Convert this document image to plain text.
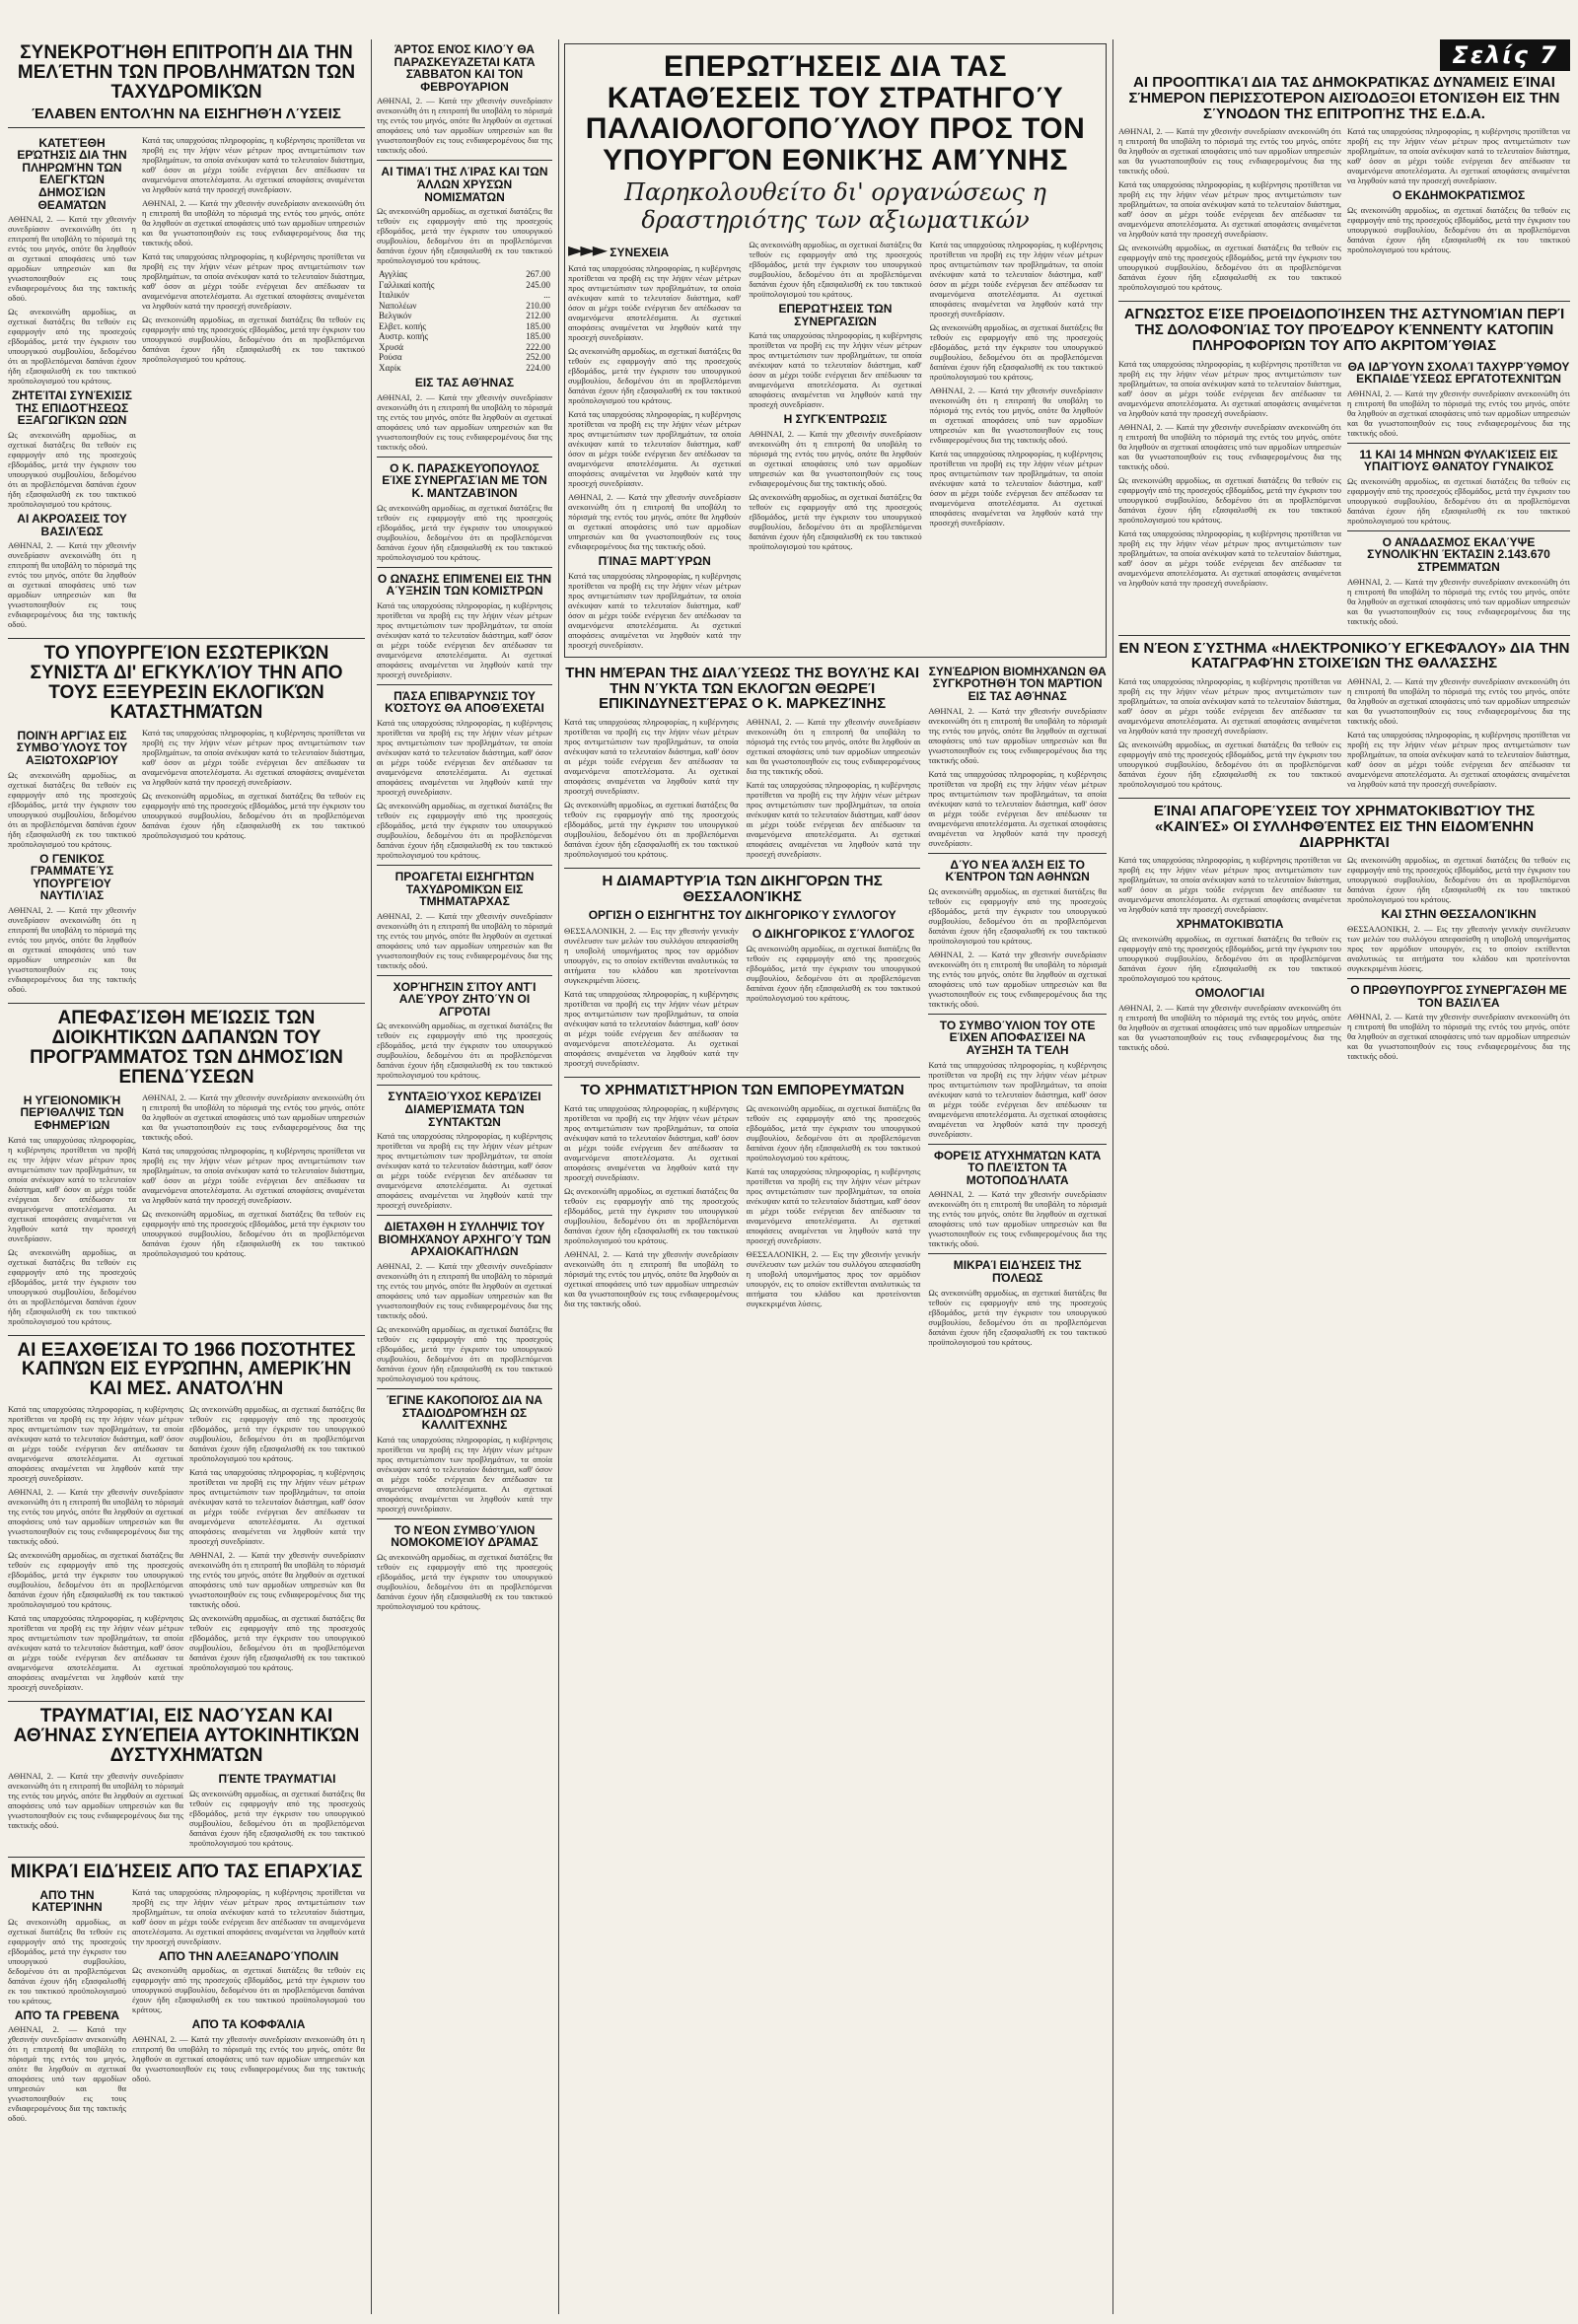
ΣΥΝΕΚΡΟΤΉΘΗ ΕΠΙΤΡΟΠΉ ΔΙΑ ΤΗΝ ΜΕΛΈΤΗΝ ΤΩΝ ΠΡΟΒΛΗΜΆΤΩΝ ΤΩΝ ΤΑΧΥΔΡΟΜΙΚΏΝ
ΈΛΑΒΕΝ ΕΝΤΟΛΉΝ ΝΑ ΕΙΣΗΓΗΘΉ ΛΎΣΕΙΣ
ΚΑΤΕΤΈΘΗ ΕΡΏΤΗΣΙΣ ΔΙΑ ΤΗΝ ΠΛΗΡΩΜΉΝ ΤΩΝ ΕΛΕΓΚΤΏΝ ΔΗΜΟΣΊΩΝ ΘΕΑΜΆΤΩΝ
ΑΘΗΝΑΙ, 2. — Κατά την χθεσινήν συνεδρίασιν ανεκοινώθη ότι η επιτροπή θα υποβάλη το πόρισμά της εντός του μηνός, οπότε θα ληφθούν αι σχετικαί αποφάσεις υπό των αρμοδίων υπηρεσιών και θα γνωστοποιηθούν εις τους ενδιαφερομένους δια της τακτικής οδού.
Ως ανεκοινώθη αρμοδίως, αι σχετικαί διατάξεις θα τεθούν εις εφαρμογήν από της προσεχούς εβδομάδος, μετά την έγκρισιν του υπουργικού συμβουλίου, δεδομένου ότι αι προβλεπόμεναι δαπάναι έχουν ήδη εξασφαλισθή εκ του τακτικού προϋπολογισμού του κράτους.
ΖΗΤΕΊΤΑΙ ΣΥΝΈΧΙΣΙΣ ΤΗΣ ΕΠΙΔΟΤΉΣΕΩΣ ΕΞΑΓΩΓΙΚΏΝ ΩΏΝ
Ως ανεκοινώθη αρμοδίως, αι σχετικαί διατάξεις θα τεθούν εις εφαρμογήν από της προσεχούς εβδομάδος, μετά την έγκρισιν του υπουργικού συμβουλίου, δεδομένου ότι αι προβλεπόμεναι δαπάναι έχουν ήδη εξασφαλισθή εκ του τακτικού προϋπολογισμού του κράτους.
ΑΙ ΑΚΡΟΆΣΕΙΣ ΤΟΥ ΒΑΣΙΛΈΩΣ
ΑΘΗΝΑΙ, 2. — Κατά την χθεσινήν συνεδρίασιν ανεκοινώθη ότι η επιτροπή θα υποβάλη το πόρισμά της εντός του μηνός, οπότε θα ληφθούν αι σχετικαί αποφάσεις υπό των αρμοδίων υπηρεσιών και θα γνωστοποιηθούν εις τους ενδιαφερομένους δια της τακτικής οδού.
Κατά τας υπαρχούσας πληροφορίας, η κυβέρνησις προτίθεται να προβή εις την λήψιν νέων μέτρων προς αντιμετώπισιν των προβλημάτων, τα οποία ανέκυψαν κατά το τελευταίον διάστημα, καθ' όσον αι μέχρι τούδε ενέργειαι δεν απέδωσαν τα αναμενόμενα αποτελέσματα. Αι σχετικαί αποφάσεις αναμένεται να ληφθούν κατά την προσεχή συνεδρίασιν.
ΑΘΗΝΑΙ, 2. — Κατά την χθεσινήν συνεδρίασιν ανεκοινώθη ότι η επιτροπή θα υποβάλη το πόρισμά της εντός του μηνός, οπότε θα ληφθούν αι σχετικαί αποφάσεις υπό των αρμοδίων υπηρεσιών και θα γνωστοποιηθούν εις τους ενδιαφερομένους δια της τακτικής οδού.
Κατά τας υπαρχούσας πληροφορίας, η κυβέρνησις προτίθεται να προβή εις την λήψιν νέων μέτρων προς αντιμετώπισιν των προβλημάτων, τα οποία ανέκυψαν κατά το τελευταίον διάστημα, καθ' όσον αι μέχρι τούδε ενέργειαι δεν απέδωσαν τα αναμενόμενα αποτελέσματα. Αι σχετικαί αποφάσεις αναμένεται να ληφθούν κατά την προσεχή συνεδρίασιν.
Ως ανεκοινώθη αρμοδίως, αι σχετικαί διατάξεις θα τεθούν εις εφαρμογήν από της προσεχούς εβδομάδος, μετά την έγκρισιν του υπουργικού συμβουλίου, δεδομένου ότι αι προβλεπόμεναι δαπάναι έχουν ήδη εξασφαλισθή εκ του τακτικού προϋπολογισμού του κράτους.
ΤΟ ΥΠΟΥΡΓΕΊΟΝ ΕΣΩΤΕΡΙΚΏΝ ΣΥΝΙΣΤΆ ΔΙ' ΕΓΚΥΚΛΊΟΥ ΤΗΝ ΑΠΟ ΤΟΥΣ ΕΞΕΥΡΕΣΙΝ ΕΚΛΟΓΙΚΏΝ ΚΑΤΑΣΤΗΜΆΤΩΝ
ΠΟΙΝΉ ΑΡΓΊΑΣ ΕΙΣ ΣΥΜΒΟΎΛΟΥΣ ΤΟΥ ΑΞΙΩΤΟΧΩΡΊΟΥ
Ως ανεκοινώθη αρμοδίως, αι σχετικαί διατάξεις θα τεθούν εις εφαρμογήν από της προσεχούς εβδομάδος, μετά την έγκρισιν του υπουργικού συμβουλίου, δεδομένου ότι αι προβλεπόμεναι δαπάναι έχουν ήδη εξασφαλισθή εκ του τακτικού προϋπολογισμού του κράτους.
Ο ΓΕΝΙΚΌΣ ΓΡΑΜΜΑΤΕΎΣ ΥΠΟΥΡΓΕΊΟΥ ΝΑΥΤΙΛΊΑΣ
ΑΘΗΝΑΙ, 2. — Κατά την χθεσινήν συνεδρίασιν ανεκοινώθη ότι η επιτροπή θα υποβάλη το πόρισμά της εντός του μηνός, οπότε θα ληφθούν αι σχετικαί αποφάσεις υπό των αρμοδίων υπηρεσιών και θα γνωστοποιηθούν εις τους ενδιαφερομένους δια της τακτικής οδού.
Κατά τας υπαρχούσας πληροφορίας, η κυβέρνησις προτίθεται να προβή εις την λήψιν νέων μέτρων προς αντιμετώπισιν των προβλημάτων, τα οποία ανέκυψαν κατά το τελευταίον διάστημα, καθ' όσον αι μέχρι τούδε ενέργειαι δεν απέδωσαν τα αναμενόμενα αποτελέσματα. Αι σχετικαί αποφάσεις αναμένεται να ληφθούν κατά την προσεχή συνεδρίασιν.
Ως ανεκοινώθη αρμοδίως, αι σχετικαί διατάξεις θα τεθούν εις εφαρμογήν από της προσεχούς εβδομάδος, μετά την έγκρισιν του υπουργικού συμβουλίου, δεδομένου ότι αι προβλεπόμεναι δαπάναι έχουν ήδη εξασφαλισθή εκ του τακτικού προϋπολογισμού του κράτους.
ΑΠΕΦΑΣΊΣΘΗ ΜΕΊΩΣΙΣ ΤΩΝ ΔΙΟΙΚΗΤΙΚΏΝ ΔΑΠΑΝΏΝ ΤΟΥ ΠΡΟΓΡΆΜΜΑΤΟΣ ΤΩΝ ΔΗΜΟΣΊΩΝ ΕΠΕΝΔΎΣΕΩΝ
Η ΥΓΕΙΟΝΟΜΙΚΉ ΠΕΡΊΘΑΛΨΙΣ ΤΩΝ ΕΦΗΜΕΡΊΩΝ
Κατά τας υπαρχούσας πληροφορίας, η κυβέρνησις προτίθεται να προβή εις την λήψιν νέων μέτρων προς αντιμετώπισιν των προβλημάτων, τα οποία ανέκυψαν κατά το τελευταίον διάστημα, καθ' όσον αι μέχρι τούδε ενέργειαι δεν απέδωσαν τα αναμενόμενα αποτελέσματα. Αι σχετικαί αποφάσεις αναμένεται να ληφθούν κατά την προσεχή συνεδρίασιν.
Ως ανεκοινώθη αρμοδίως, αι σχετικαί διατάξεις θα τεθούν εις εφαρμογήν από της προσεχούς εβδομάδος, μετά την έγκρισιν του υπουργικού συμβουλίου, δεδομένου ότι αι προβλεπόμεναι δαπάναι έχουν ήδη εξασφαλισθή εκ του τακτικού προϋπολογισμού του κράτους.
ΑΘΗΝΑΙ, 2. — Κατά την χθεσινήν συνεδρίασιν ανεκοινώθη ότι η επιτροπή θα υποβάλη το πόρισμά της εντός του μηνός, οπότε θα ληφθούν αι σχετικαί αποφάσεις υπό των αρμοδίων υπηρεσιών και θα γνωστοποιηθούν εις τους ενδιαφερομένους δια της τακτικής οδού.
Κατά τας υπαρχούσας πληροφορίας, η κυβέρνησις προτίθεται να προβή εις την λήψιν νέων μέτρων προς αντιμετώπισιν των προβλημάτων, τα οποία ανέκυψαν κατά το τελευταίον διάστημα, καθ' όσον αι μέχρι τούδε ενέργειαι δεν απέδωσαν τα αναμενόμενα αποτελέσματα. Αι σχετικαί αποφάσεις αναμένεται να ληφθούν κατά την προσεχή συνεδρίασιν.
Ως ανεκοινώθη αρμοδίως, αι σχετικαί διατάξεις θα τεθούν εις εφαρμογήν από της προσεχούς εβδομάδος, μετά την έγκρισιν του υπουργικού συμβουλίου, δεδομένου ότι αι προβλεπόμεναι δαπάναι έχουν ήδη εξασφαλισθή εκ του τακτικού προϋπολογισμού του κράτους.
ΑΙ ΕΞΑΧΘΕΊΣΑΙ ΤΟ 1966 ΠΟΣΌΤΗΤΕΣ ΚΑΠΝΏΝ ΕΙΣ ΕΥΡΏΠΗΝ, ΑΜΕΡΙΚΉΝ ΚΑΙ ΜΕΣ. ΑΝΑΤΟΛΉΝ
Κατά τας υπαρχούσας πληροφορίας, η κυβέρνησις προτίθεται να προβή εις την λήψιν νέων μέτρων προς αντιμετώπισιν των προβλημάτων, τα οποία ανέκυψαν κατά το τελευταίον διάστημα, καθ' όσον αι μέχρι τούδε ενέργειαι δεν απέδωσαν τα αναμενόμενα αποτελέσματα. Αι σχετικαί αποφάσεις αναμένεται να ληφθούν κατά την προσεχή συνεδρίασιν.
ΑΘΗΝΑΙ, 2. — Κατά την χθεσινήν συνεδρίασιν ανεκοινώθη ότι η επιτροπή θα υποβάλη το πόρισμά της εντός του μηνός, οπότε θα ληφθούν αι σχετικαί αποφάσεις υπό των αρμοδίων υπηρεσιών και θα γνωστοποιηθούν εις τους ενδιαφερομένους δια της τακτικής οδού.
Ως ανεκοινώθη αρμοδίως, αι σχετικαί διατάξεις θα τεθούν εις εφαρμογήν από της προσεχούς εβδομάδος, μετά την έγκρισιν του υπουργικού συμβουλίου, δεδομένου ότι αι προβλεπόμεναι δαπάναι έχουν ήδη εξασφαλισθή εκ του τακτικού προϋπολογισμού του κράτους.
Κατά τας υπαρχούσας πληροφορίας, η κυβέρνησις προτίθεται να προβή εις την λήψιν νέων μέτρων προς αντιμετώπισιν των προβλημάτων, τα οποία ανέκυψαν κατά το τελευταίον διάστημα, καθ' όσον αι μέχρι τούδε ενέργειαι δεν απέδωσαν τα αναμενόμενα αποτελέσματα. Αι σχετικαί αποφάσεις αναμένεται να ληφθούν κατά την προσεχή συνεδρίασιν.
Ως ανεκοινώθη αρμοδίως, αι σχετικαί διατάξεις θα τεθούν εις εφαρμογήν από της προσεχούς εβδομάδος, μετά την έγκρισιν του υπουργικού συμβουλίου, δεδομένου ότι αι προβλεπόμεναι δαπάναι έχουν ήδη εξασφαλισθή εκ του τακτικού προϋπολογισμού του κράτους.
Κατά τας υπαρχούσας πληροφορίας, η κυβέρνησις προτίθεται να προβή εις την λήψιν νέων μέτρων προς αντιμετώπισιν των προβλημάτων, τα οποία ανέκυψαν κατά το τελευταίον διάστημα, καθ' όσον αι μέχρι τούδε ενέργειαι δεν απέδωσαν τα αναμενόμενα αποτελέσματα. Αι σχετικαί αποφάσεις αναμένεται να ληφθούν κατά την προσεχή συνεδρίασιν.
ΑΘΗΝΑΙ, 2. — Κατά την χθεσινήν συνεδρίασιν ανεκοινώθη ότι η επιτροπή θα υποβάλη το πόρισμά της εντός του μηνός, οπότε θα ληφθούν αι σχετικαί αποφάσεις υπό των αρμοδίων υπηρεσιών και θα γνωστοποιηθούν εις τους ενδιαφερομένους δια της τακτικής οδού.
Ως ανεκοινώθη αρμοδίως, αι σχετικαί διατάξεις θα τεθούν εις εφαρμογήν από της προσεχούς εβδομάδος, μετά την έγκρισιν του υπουργικού συμβουλίου, δεδομένου ότι αι προβλεπόμεναι δαπάναι έχουν ήδη εξασφαλισθή εκ του τακτικού προϋπολογισμού του κράτους.
ΤΡΑΥΜΑΤΊΑΙ, ΕΙΣ ΝΑΟΎΣΑΝ ΚΑΙ ΑΘΉΝΑΣ ΣΥΝΈΠΕΙΑ ΑΥΤΟΚΙΝΗΤΙΚΏΝ ΔΥΣΤΥΧΗΜΆΤΩΝ
ΑΘΗΝΑΙ, 2. — Κατά την χθεσινήν συνεδρίασιν ανεκοινώθη ότι η επιτροπή θα υποβάλη το πόρισμά της εντός του μηνός, οπότε θα ληφθούν αι σχετικαί αποφάσεις υπό των αρμοδίων υπηρεσιών και θα γνωστοποιηθούν εις τους ενδιαφερομένους δια της τακτικής οδού.
ΠΈΝΤΕ ΤΡΑΥΜΑΤΊΑΙ
Ως ανεκοινώθη αρμοδίως, αι σχετικαί διατάξεις θα τεθούν εις εφαρμογήν από της προσεχούς εβδομάδος, μετά την έγκρισιν του υπουργικού συμβουλίου, δεδομένου ότι αι προβλεπόμεναι δαπάναι έχουν ήδη εξασφαλισθή εκ του τακτικού προϋπολογισμού του κράτους.
ΜΙΚΡΑΊ ΕΙΔΉΣΕΙΣ ΑΠΌ ΤΑΣ ΕΠΑΡΧΊΑΣ
ΑΠΌ ΤΗΝ ΚΑΤΕΡΊΝΗΝ
Ως ανεκοινώθη αρμοδίως, αι σχετικαί διατάξεις θα τεθούν εις εφαρμογήν από της προσεχούς εβδομάδος, μετά την έγκρισιν του υπουργικού συμβουλίου, δεδομένου ότι αι προβλεπόμεναι δαπάναι έχουν ήδη εξασφαλισθή εκ του τακτικού προϋπολογισμού του κράτους.
ΑΠΌ ΤΑ ΓΡΕΒΕΝΆ
ΑΘΗΝΑΙ, 2. — Κατά την χθεσινήν συνεδρίασιν ανεκοινώθη ότι η επιτροπή θα υποβάλη το πόρισμά της εντός του μηνός, οπότε θα ληφθούν αι σχετικαί αποφάσεις υπό των αρμοδίων υπηρεσιών και θα γνωστοποιηθούν εις τους ενδιαφερομένους δια της τακτικής οδού.
Κατά τας υπαρχούσας πληροφορίας, η κυβέρνησις προτίθεται να προβή εις την λήψιν νέων μέτρων προς αντιμετώπισιν των προβλημάτων, τα οποία ανέκυψαν κατά το τελευταίον διάστημα, καθ' όσον αι μέχρι τούδε ενέργειαι δεν απέδωσαν τα αναμενόμενα αποτελέσματα. Αι σχετικαί αποφάσεις αναμένεται να ληφθούν κατά την προσεχή συνεδρίασιν.
ΑΠΌ ΤΗΝ ΑΛΕΞΑΝΔΡΟΎΠΟΛΙΝ
Ως ανεκοινώθη αρμοδίως, αι σχετικαί διατάξεις θα τεθούν εις εφαρμογήν από της προσεχούς εβδομάδος, μετά την έγκρισιν του υπουργικού συμβουλίου, δεδομένου ότι αι προβλεπόμεναι δαπάναι έχουν ήδη εξασφαλισθή εκ του τακτικού προϋπολογισμού του κράτους.
ΑΠΌ ΤΑ ΚΟΦΦΆΛΙΑ
ΑΘΗΝΑΙ, 2. — Κατά την χθεσινήν συνεδρίασιν ανεκοινώθη ότι η επιτροπή θα υποβάλη το πόρισμά της εντός του μηνός, οπότε θα ληφθούν αι σχετικαί αποφάσεις υπό των αρμοδίων υπηρεσιών και θα γνωστοποιηθούν εις τους ενδιαφερομένους δια της τακτικής οδού.
ΆΡΤΟΣ ΕΝΌΣ ΚΙΛΟΎ ΘΑ ΠΑΡΑΣΚΕΥΆΖΕΤΑΙ ΚΑΤΆ ΣΆΒΒΑΤΟΝ ΚΑΙ ΤΟΝ ΦΕΒΡΟΥΆΡΙΟΝ
ΑΘΗΝΑΙ, 2. — Κατά την χθεσινήν συνεδρίασιν ανεκοινώθη ότι η επιτροπή θα υποβάλη το πόρισμά της εντός του μηνός, οπότε θα ληφθούν αι σχετικαί αποφάσεις υπό των αρμοδίων υπηρεσιών και θα γνωστοποιηθούν εις τους ενδιαφερομένους δια της τακτικής οδού.
ΑΙ ΤΙΜΑΊ ΤΗΣ ΛΊΡΑΣ ΚΑΙ ΤΩΝ ΆΛΛΩΝ ΧΡΥΣΏΝ ΝΟΜΙΣΜΆΤΩΝ
Ως ανεκοινώθη αρμοδίως, αι σχετικαί διατάξεις θα τεθούν εις εφαρμογήν από της προσεχούς εβδομάδος, μετά την έγκρισιν του υπουργικού συμβουλίου, δεδομένου ότι αι προβλεπόμεναι δαπάναι έχουν ήδη εξασφαλισθή εκ του τακτικού προϋπολογισμού του κράτους.
Αγγλίας	267.00
Γαλλικαί κοπής	245.00
Ιταλικόν	...
Ναπολέων	210.00
Βελγικόν	212.00
Ελβετ. κοπής	185.00
Αυστρ. κοπής	185.00
Χρυσά	222.00
Ρούσα	252.00
Χαρίκ	224.00
ΕΙΣ ΤΑΣ ΑΘΉΝΑΣ
ΑΘΗΝΑΙ, 2. — Κατά την χθεσινήν συνεδρίασιν ανεκοινώθη ότι η επιτροπή θα υποβάλη το πόρισμά της εντός του μηνός, οπότε θα ληφθούν αι σχετικαί αποφάσεις υπό των αρμοδίων υπηρεσιών και θα γνωστοποιηθούν εις τους ενδιαφερομένους δια της τακτικής οδού.
Ο Κ. ΠΑΡΑΣΚΕΥΌΠΟΥΛΟΣ ΕΊΧΕ ΣΥΝΕΡΓΑΣΊΑΝ ΜΕ ΤΟΝ Κ. ΜΑΝΤΖΑΒΊΝΟΝ
Ως ανεκοινώθη αρμοδίως, αι σχετικαί διατάξεις θα τεθούν εις εφαρμογήν από της προσεχούς εβδομάδος, μετά την έγκρισιν του υπουργικού συμβουλίου, δεδομένου ότι αι προβλεπόμεναι δαπάναι έχουν ήδη εξασφαλισθή εκ του τακτικού προϋπολογισμού του κράτους.
Ο ΩΝΆΣΗΣ ΕΠΙΜΈΝΕΙ ΕΙΣ ΤΗΝ ΑΎΞΗΣΙΝ ΤΩΝ ΚΟΜΙΣΤΡΩΝ
Κατά τας υπαρχούσας πληροφορίας, η κυβέρνησις προτίθεται να προβή εις την λήψιν νέων μέτρων προς αντιμετώπισιν των προβλημάτων, τα οποία ανέκυψαν κατά το τελευταίον διάστημα, καθ' όσον αι μέχρι τούδε ενέργειαι δεν απέδωσαν τα αναμενόμενα αποτελέσματα. Αι σχετικαί αποφάσεις αναμένεται να ληφθούν κατά την προσεχή συνεδρίασιν.
ΠΆΣΑ ΕΠΙΒΆΡΥΝΣΙΣ ΤΟΥ ΚΌΣΤΟΥΣ ΘΑ ΑΠΟΘΈΧΕΤΑΙ
Κατά τας υπαρχούσας πληροφορίας, η κυβέρνησις προτίθεται να προβή εις την λήψιν νέων μέτρων προς αντιμετώπισιν των προβλημάτων, τα οποία ανέκυψαν κατά το τελευταίον διάστημα, καθ' όσον αι μέχρι τούδε ενέργειαι δεν απέδωσαν τα αναμενόμενα αποτελέσματα. Αι σχετικαί αποφάσεις αναμένεται να ληφθούν κατά την προσεχή συνεδρίασιν.
Ως ανεκοινώθη αρμοδίως, αι σχετικαί διατάξεις θα τεθούν εις εφαρμογήν από της προσεχούς εβδομάδος, μετά την έγκρισιν του υπουργικού συμβουλίου, δεδομένου ότι αι προβλεπόμεναι δαπάναι έχουν ήδη εξασφαλισθή εκ του τακτικού προϋπολογισμού του κράτους.
ΠΡΟΆΓΕΤΑΙ ΕΙΣΗΓΗΤΏΝ ΤΑΧΥΔΡΟΜΙΚΏΝ ΕΙΣ ΤΜΗΜΑΤΆΡΧΑΣ
ΑΘΗΝΑΙ, 2. — Κατά την χθεσινήν συνεδρίασιν ανεκοινώθη ότι η επιτροπή θα υποβάλη το πόρισμά της εντός του μηνός, οπότε θα ληφθούν αι σχετικαί αποφάσεις υπό των αρμοδίων υπηρεσιών και θα γνωστοποιηθούν εις τους ενδιαφερομένους δια της τακτικής οδού.
ΧΟΡΉΓΗΣΙΝ ΣΊΤΟΥ ΑΝΤΊ ΑΛΕΎΡΟΥ ΖΗΤΟΎΝ ΟΙ ΑΓΡΌΤΑΙ
Ως ανεκοινώθη αρμοδίως, αι σχετικαί διατάξεις θα τεθούν εις εφαρμογήν από της προσεχούς εβδομάδος, μετά την έγκρισιν του υπουργικού συμβουλίου, δεδομένου ότι αι προβλεπόμεναι δαπάναι έχουν ήδη εξασφαλισθή εκ του τακτικού προϋπολογισμού του κράτους.
ΣΥΝΤΑΞΙΟΎΧΟΣ ΚΕΡΔΊΖΕΙ ΔΙΑΜΕΡΊΣΜΑΤΑ ΤΩΝ ΣΥΝΤΑΚΤΏΝ
Κατά τας υπαρχούσας πληροφορίας, η κυβέρνησις προτίθεται να προβή εις την λήψιν νέων μέτρων προς αντιμετώπισιν των προβλημάτων, τα οποία ανέκυψαν κατά το τελευταίον διάστημα, καθ' όσον αι μέχρι τούδε ενέργειαι δεν απέδωσαν τα αναμενόμενα αποτελέσματα. Αι σχετικαί αποφάσεις αναμένεται να ληφθούν κατά την προσεχή συνεδρίασιν.
ΔΙΕΤΑΧΘΗ Η ΣΥΛΛΗΨΙΣ ΤΟΥ ΒΙΟΜΗΧΆΝΟΥ ΑΡΧΗΓΟΎ ΤΩΝ ΑΡΧΑΙΟΚΑΠΉΛΩΝ
ΑΘΗΝΑΙ, 2. — Κατά την χθεσινήν συνεδρίασιν ανεκοινώθη ότι η επιτροπή θα υποβάλη το πόρισμά της εντός του μηνός, οπότε θα ληφθούν αι σχετικαί αποφάσεις υπό των αρμοδίων υπηρεσιών και θα γνωστοποιηθούν εις τους ενδιαφερομένους δια της τακτικής οδού.
Ως ανεκοινώθη αρμοδίως, αι σχετικαί διατάξεις θα τεθούν εις εφαρμογήν από της προσεχούς εβδομάδος, μετά την έγκρισιν του υπουργικού συμβουλίου, δεδομένου ότι αι προβλεπόμεναι δαπάναι έχουν ήδη εξασφαλισθή εκ του τακτικού προϋπολογισμού του κράτους.
ΈΓΙΝΕ ΚΑΚΟΠΟΙΌΣ ΔΙΑ ΝΑ ΣΤΑΔΙΟΔΡΟΜΉΣΗ ΩΣ ΚΑΛΛΙΤΈΧΝΗΣ
Κατά τας υπαρχούσας πληροφορίας, η κυβέρνησις προτίθεται να προβή εις την λήψιν νέων μέτρων προς αντιμετώπισιν των προβλημάτων, τα οποία ανέκυψαν κατά το τελευταίον διάστημα, καθ' όσον αι μέχρι τούδε ενέργειαι δεν απέδωσαν τα αναμενόμενα αποτελέσματα. Αι σχετικαί αποφάσεις αναμένεται να ληφθούν κατά την προσεχή συνεδρίασιν.
ΤΟ ΝΈΟΝ ΣΥΜΒΟΎΛΙΟΝ ΝΟΜΟΚΟΜΕΊΟΥ ΔΡΆΜΑΣ
Ως ανεκοινώθη αρμοδίως, αι σχετικαί διατάξεις θα τεθούν εις εφαρμογήν από της προσεχούς εβδομάδος, μετά την έγκρισιν του υπουργικού συμβουλίου, δεδομένου ότι αι προβλεπόμεναι δαπάναι έχουν ήδη εξασφαλισθή εκ του τακτικού προϋπολογισμού του κράτους.
ΕΠΕΡΩΤΉΣΕΙΣ ΔΙΑ ΤΑΣ ΚΑΤΑΘΈΣΕΙΣ ΤΟΥ ΣΤΡΑΤΗΓΟΎ ΠΑΛΑΙΟΛΟΓΟΠΟΎΛΟΥ ΠΡΟΣ ΤΟΝ ΥΠΟΥΡΓΌΝ ΕΘΝΙΚΉΣ ΑΜΎΝΗΣ
Παρηκολουθείτο δι' οργανώσεως η δραστηριότης των αξιωματικών
►►► ΣΥΝΕΧΕΙΑ
Κατά τας υπαρχούσας πληροφορίας, η κυβέρνησις προτίθεται να προβή εις την λήψιν νέων μέτρων προς αντιμετώπισιν των προβλημάτων, τα οποία ανέκυψαν κατά το τελευταίον διάστημα, καθ' όσον αι μέχρι τούδε ενέργειαι δεν απέδωσαν τα αναμενόμενα αποτελέσματα. Αι σχετικαί αποφάσεις αναμένεται να ληφθούν κατά την προσεχή συνεδρίασιν.
Ως ανεκοινώθη αρμοδίως, αι σχετικαί διατάξεις θα τεθούν εις εφαρμογήν από της προσεχούς εβδομάδος, μετά την έγκρισιν του υπουργικού συμβουλίου, δεδομένου ότι αι προβλεπόμεναι δαπάναι έχουν ήδη εξασφαλισθή εκ του τακτικού προϋπολογισμού του κράτους.
Κατά τας υπαρχούσας πληροφορίας, η κυβέρνησις προτίθεται να προβή εις την λήψιν νέων μέτρων προς αντιμετώπισιν των προβλημάτων, τα οποία ανέκυψαν κατά το τελευταίον διάστημα, καθ' όσον αι μέχρι τούδε ενέργειαι δεν απέδωσαν τα αναμενόμενα αποτελέσματα. Αι σχετικαί αποφάσεις αναμένεται να ληφθούν κατά την προσεχή συνεδρίασιν.
ΑΘΗΝΑΙ, 2. — Κατά την χθεσινήν συνεδρίασιν ανεκοινώθη ότι η επιτροπή θα υποβάλη το πόρισμά της εντός του μηνός, οπότε θα ληφθούν αι σχετικαί αποφάσεις υπό των αρμοδίων υπηρεσιών και θα γνωστοποιηθούν εις τους ενδιαφερομένους δια της τακτικής οδού.
ΠΊΝΑΞ ΜΑΡΤΎΡΩΝ
Κατά τας υπαρχούσας πληροφορίας, η κυβέρνησις προτίθεται να προβή εις την λήψιν νέων μέτρων προς αντιμετώπισιν των προβλημάτων, τα οποία ανέκυψαν κατά το τελευταίον διάστημα, καθ' όσον αι μέχρι τούδε ενέργειαι δεν απέδωσαν τα αναμενόμενα αποτελέσματα. Αι σχετικαί αποφάσεις αναμένεται να ληφθούν κατά την προσεχή συνεδρίασιν.
Ως ανεκοινώθη αρμοδίως, αι σχετικαί διατάξεις θα τεθούν εις εφαρμογήν από της προσεχούς εβδομάδος, μετά την έγκρισιν του υπουργικού συμβουλίου, δεδομένου ότι αι προβλεπόμεναι δαπάναι έχουν ήδη εξασφαλισθή εκ του τακτικού προϋπολογισμού του κράτους.
ΕΠΕΡΩΤΉΣΕΙΣ ΤΩΝ ΣΥΝΕΡΓΑΣΙΏΝ
Κατά τας υπαρχούσας πληροφορίας, η κυβέρνησις προτίθεται να προβή εις την λήψιν νέων μέτρων προς αντιμετώπισιν των προβλημάτων, τα οποία ανέκυψαν κατά το τελευταίον διάστημα, καθ' όσον αι μέχρι τούδε ενέργειαι δεν απέδωσαν τα αναμενόμενα αποτελέσματα. Αι σχετικαί αποφάσεις αναμένεται να ληφθούν κατά την προσεχή συνεδρίασιν.
Η ΣΥΓΚΈΝΤΡΩΣΙΣ
ΑΘΗΝΑΙ, 2. — Κατά την χθεσινήν συνεδρίασιν ανεκοινώθη ότι η επιτροπή θα υποβάλη το πόρισμά της εντός του μηνός, οπότε θα ληφθούν αι σχετικαί αποφάσεις υπό των αρμοδίων υπηρεσιών και θα γνωστοποιηθούν εις τους ενδιαφερομένους δια της τακτικής οδού.
Ως ανεκοινώθη αρμοδίως, αι σχετικαί διατάξεις θα τεθούν εις εφαρμογήν από της προσεχούς εβδομάδος, μετά την έγκρισιν του υπουργικού συμβουλίου, δεδομένου ότι αι προβλεπόμεναι δαπάναι έχουν ήδη εξασφαλισθή εκ του τακτικού προϋπολογισμού του κράτους.
Κατά τας υπαρχούσας πληροφορίας, η κυβέρνησις προτίθεται να προβή εις την λήψιν νέων μέτρων προς αντιμετώπισιν των προβλημάτων, τα οποία ανέκυψαν κατά το τελευταίον διάστημα, καθ' όσον αι μέχρι τούδε ενέργειαι δεν απέδωσαν τα αναμενόμενα αποτελέσματα. Αι σχετικαί αποφάσεις αναμένεται να ληφθούν κατά την προσεχή συνεδρίασιν.
Ως ανεκοινώθη αρμοδίως, αι σχετικαί διατάξεις θα τεθούν εις εφαρμογήν από της προσεχούς εβδομάδος, μετά την έγκρισιν του υπουργικού συμβουλίου, δεδομένου ότι αι προβλεπόμεναι δαπάναι έχουν ήδη εξασφαλισθή εκ του τακτικού προϋπολογισμού του κράτους.
ΑΘΗΝΑΙ, 2. — Κατά την χθεσινήν συνεδρίασιν ανεκοινώθη ότι η επιτροπή θα υποβάλη το πόρισμά της εντός του μηνός, οπότε θα ληφθούν αι σχετικαί αποφάσεις υπό των αρμοδίων υπηρεσιών και θα γνωστοποιηθούν εις τους ενδιαφερομένους δια της τακτικής οδού.
Κατά τας υπαρχούσας πληροφορίας, η κυβέρνησις προτίθεται να προβή εις την λήψιν νέων μέτρων προς αντιμετώπισιν των προβλημάτων, τα οποία ανέκυψαν κατά το τελευταίον διάστημα, καθ' όσον αι μέχρι τούδε ενέργειαι δεν απέδωσαν τα αναμενόμενα αποτελέσματα. Αι σχετικαί αποφάσεις αναμένεται να ληφθούν κατά την προσεχή συνεδρίασιν.
ΤΗΝ ΗΜΈΡΑΝ ΤΗΣ ΔΙΑΛΎΣΕΩΣ ΤΗΣ ΒΟΥΛΉΣ ΚΑΙ ΤΗΝ ΝΎΚΤΑ ΤΩΝ ΕΚΛΟΓΏΝ ΘΕΩΡΕΊ ΕΠΙΚΙΝΔΥΝΕΣΤΈΡΑΣ Ο Κ. ΜΑΡΚΕΖΊΝΗΣ
Κατά τας υπαρχούσας πληροφορίας, η κυβέρνησις προτίθεται να προβή εις την λήψιν νέων μέτρων προς αντιμετώπισιν των προβλημάτων, τα οποία ανέκυψαν κατά το τελευταίον διάστημα, καθ' όσον αι μέχρι τούδε ενέργειαι δεν απέδωσαν τα αναμενόμενα αποτελέσματα. Αι σχετικαί αποφάσεις αναμένεται να ληφθούν κατά την προσεχή συνεδρίασιν.
Ως ανεκοινώθη αρμοδίως, αι σχετικαί διατάξεις θα τεθούν εις εφαρμογήν από της προσεχούς εβδομάδος, μετά την έγκρισιν του υπουργικού συμβουλίου, δεδομένου ότι αι προβλεπόμεναι δαπάναι έχουν ήδη εξασφαλισθή εκ του τακτικού προϋπολογισμού του κράτους.
ΑΘΗΝΑΙ, 2. — Κατά την χθεσινήν συνεδρίασιν ανεκοινώθη ότι η επιτροπή θα υποβάλη το πόρισμά της εντός του μηνός, οπότε θα ληφθούν αι σχετικαί αποφάσεις υπό των αρμοδίων υπηρεσιών και θα γνωστοποιηθούν εις τους ενδιαφερομένους δια της τακτικής οδού.
Κατά τας υπαρχούσας πληροφορίας, η κυβέρνησις προτίθεται να προβή εις την λήψιν νέων μέτρων προς αντιμετώπισιν των προβλημάτων, τα οποία ανέκυψαν κατά το τελευταίον διάστημα, καθ' όσον αι μέχρι τούδε ενέργειαι δεν απέδωσαν τα αναμενόμενα αποτελέσματα. Αι σχετικαί αποφάσεις αναμένεται να ληφθούν κατά την προσεχή συνεδρίασιν.
Η ΔΙΑΜΑΡΤΥΡΊΑ ΤΩΝ ΔΙΚΗΓΌΡΩΝ ΤΗΣ ΘΕΣΣΑΛΟΝΊΚΗΣ
ΟΡΓΙΣΗ Ο ΕΙΣΗΓΗΤΉΣ ΤΟΥ ΔΙΚΗΓΟΡΙΚΟΎ ΣΥΛΛΌΓΟΥ
ΘΕΣΣΑΛΟΝΙΚΗ, 2. — Εις την χθεσινήν γενικήν συνέλευσιν των μελών του συλλόγου απεφασίσθη η υποβολή υπομνήματος προς τον αρμόδιον υπουργόν, εις το οποίον εκτίθενται αναλυτικώς τα αιτήματα του κλάδου και προτείνονται συγκεκριμέναι λύσεις.
Κατά τας υπαρχούσας πληροφορίας, η κυβέρνησις προτίθεται να προβή εις την λήψιν νέων μέτρων προς αντιμετώπισιν των προβλημάτων, τα οποία ανέκυψαν κατά το τελευταίον διάστημα, καθ' όσον αι μέχρι τούδε ενέργειαι δεν απέδωσαν τα αναμενόμενα αποτελέσματα. Αι σχετικαί αποφάσεις αναμένεται να ληφθούν κατά την προσεχή συνεδρίασιν.
Ο ΔΙΚΗΓΟΡΙΚΌΣ ΣΎΛΛΟΓΟΣ
Ως ανεκοινώθη αρμοδίως, αι σχετικαί διατάξεις θα τεθούν εις εφαρμογήν από της προσεχούς εβδομάδος, μετά την έγκρισιν του υπουργικού συμβουλίου, δεδομένου ότι αι προβλεπόμεναι δαπάναι έχουν ήδη εξασφαλισθή εκ του τακτικού προϋπολογισμού του κράτους.
ΤΟ ΧΡΗΜΑΤΙΣΤΉΡΙΟΝ ΤΩΝ ΕΜΠΟΡΕΥΜΆΤΩΝ
Κατά τας υπαρχούσας πληροφορίας, η κυβέρνησις προτίθεται να προβή εις την λήψιν νέων μέτρων προς αντιμετώπισιν των προβλημάτων, τα οποία ανέκυψαν κατά το τελευταίον διάστημα, καθ' όσον αι μέχρι τούδε ενέργειαι δεν απέδωσαν τα αναμενόμενα αποτελέσματα. Αι σχετικαί αποφάσεις αναμένεται να ληφθούν κατά την προσεχή συνεδρίασιν.
Ως ανεκοινώθη αρμοδίως, αι σχετικαί διατάξεις θα τεθούν εις εφαρμογήν από της προσεχούς εβδομάδος, μετά την έγκρισιν του υπουργικού συμβουλίου, δεδομένου ότι αι προβλεπόμεναι δαπάναι έχουν ήδη εξασφαλισθή εκ του τακτικού προϋπολογισμού του κράτους.
ΑΘΗΝΑΙ, 2. — Κατά την χθεσινήν συνεδρίασιν ανεκοινώθη ότι η επιτροπή θα υποβάλη το πόρισμά της εντός του μηνός, οπότε θα ληφθούν αι σχετικαί αποφάσεις υπό των αρμοδίων υπηρεσιών και θα γνωστοποιηθούν εις τους ενδιαφερομένους δια της τακτικής οδού.
Ως ανεκοινώθη αρμοδίως, αι σχετικαί διατάξεις θα τεθούν εις εφαρμογήν από της προσεχούς εβδομάδος, μετά την έγκρισιν του υπουργικού συμβουλίου, δεδομένου ότι αι προβλεπόμεναι δαπάναι έχουν ήδη εξασφαλισθή εκ του τακτικού προϋπολογισμού του κράτους.
Κατά τας υπαρχούσας πληροφορίας, η κυβέρνησις προτίθεται να προβή εις την λήψιν νέων μέτρων προς αντιμετώπισιν των προβλημάτων, τα οποία ανέκυψαν κατά το τελευταίον διάστημα, καθ' όσον αι μέχρι τούδε ενέργειαι δεν απέδωσαν τα αναμενόμενα αποτελέσματα. Αι σχετικαί αποφάσεις αναμένεται να ληφθούν κατά την προσεχή συνεδρίασιν.
ΘΕΣΣΑΛΟΝΙΚΗ, 2. — Εις την χθεσινήν γενικήν συνέλευσιν των μελών του συλλόγου απεφασίσθη η υποβολή υπομνήματος προς τον αρμόδιον υπουργόν, εις το οποίον εκτίθενται αναλυτικώς τα αιτήματα του κλάδου και προτείνονται συγκεκριμέναι λύσεις.
ΣΥΝΈΔΡΙΟΝ ΒΙΟΜΗΧΆΝΩΝ ΘΑ ΣΥΓΚΡΟΤΗΘΉ ΤΟΝ ΜΆΡΤΙΟΝ ΕΙΣ ΤΑΣ ΑΘΉΝΑΣ
ΑΘΗΝΑΙ, 2. — Κατά την χθεσινήν συνεδρίασιν ανεκοινώθη ότι η επιτροπή θα υποβάλη το πόρισμά της εντός του μηνός, οπότε θα ληφθούν αι σχετικαί αποφάσεις υπό των αρμοδίων υπηρεσιών και θα γνωστοποιηθούν εις τους ενδιαφερομένους δια της τακτικής οδού.
Κατά τας υπαρχούσας πληροφορίας, η κυβέρνησις προτίθεται να προβή εις την λήψιν νέων μέτρων προς αντιμετώπισιν των προβλημάτων, τα οποία ανέκυψαν κατά το τελευταίον διάστημα, καθ' όσον αι μέχρι τούδε ενέργειαι δεν απέδωσαν τα αναμενόμενα αποτελέσματα. Αι σχετικαί αποφάσεις αναμένεται να ληφθούν κατά την προσεχή συνεδρίασιν.
ΔΎΟ ΝΈΑ ΆΛΣΗ ΕΙΣ ΤΟ ΚΈΝΤΡΟΝ ΤΩΝ ΑΘΗΝΏΝ
Ως ανεκοινώθη αρμοδίως, αι σχετικαί διατάξεις θα τεθούν εις εφαρμογήν από της προσεχούς εβδομάδος, μετά την έγκρισιν του υπουργικού συμβουλίου, δεδομένου ότι αι προβλεπόμεναι δαπάναι έχουν ήδη εξασφαλισθή εκ του τακτικού προϋπολογισμού του κράτους.
ΑΘΗΝΑΙ, 2. — Κατά την χθεσινήν συνεδρίασιν ανεκοινώθη ότι η επιτροπή θα υποβάλη το πόρισμά της εντός του μηνός, οπότε θα ληφθούν αι σχετικαί αποφάσεις υπό των αρμοδίων υπηρεσιών και θα γνωστοποιηθούν εις τους ενδιαφερομένους δια της τακτικής οδού.
ΤΟ ΣΥΜΒΟΎΛΙΟΝ ΤΟΥ ΟΤΕ ΕΊΧΕΝ ΑΠΟΦΑΣΊΣΕΙ ΝΑ ΑΥΞΗΣΗ ΤΑ ΤΈΛΗ
Κατά τας υπαρχούσας πληροφορίας, η κυβέρνησις προτίθεται να προβή εις την λήψιν νέων μέτρων προς αντιμετώπισιν των προβλημάτων, τα οποία ανέκυψαν κατά το τελευταίον διάστημα, καθ' όσον αι μέχρι τούδε ενέργειαι δεν απέδωσαν τα αναμενόμενα αποτελέσματα. Αι σχετικαί αποφάσεις αναμένεται να ληφθούν κατά την προσεχή συνεδρίασιν.
ΦΟΡΕΊΣ ΑΤΥΧΗΜΆΤΩΝ ΚΑΤΆ ΤΟ ΠΛΕΊΣΤΟΝ ΤΑ ΜΟΤΟΠΟΔΉΛΑΤΑ
ΑΘΗΝΑΙ, 2. — Κατά την χθεσινήν συνεδρίασιν ανεκοινώθη ότι η επιτροπή θα υποβάλη το πόρισμά της εντός του μηνός, οπότε θα ληφθούν αι σχετικαί αποφάσεις υπό των αρμοδίων υπηρεσιών και θα γνωστοποιηθούν εις τους ενδιαφερομένους δια της τακτικής οδού.
ΜΙΚΡΑΊ ΕΙΔΉΣΕΙΣ ΤΗΣ ΠΌΛΕΩΣ
Ως ανεκοινώθη αρμοδίως, αι σχετικαί διατάξεις θα τεθούν εις εφαρμογήν από της προσεχούς εβδομάδος, μετά την έγκρισιν του υπουργικού συμβουλίου, δεδομένου ότι αι προβλεπόμεναι δαπάναι έχουν ήδη εξασφαλισθή εκ του τακτικού προϋπολογισμού του κράτους.
Σελίς 7
ΑΙ ΠΡΟΟΠΤΙΚΑΊ ΔΙΑ ΤΑΣ ΔΗΜΟΚΡΑΤΙΚΆΣ ΔΥΝΆΜΕΙΣ ΕΊΝΑΙ ΣΉΜΕΡΟΝ ΠΕΡΙΣΣΌΤΕΡΟΝ ΑΙΣΙΌΔΟΞΟΙ ΕΤΟΝΊΣΘΗ ΕΙΣ ΤΗΝ ΣΎΝΟΔΟΝ ΤΗΣ ΕΠΙΤΡΟΠΉΣ ΤΗΣ Ε.Δ.Α.
ΑΘΗΝΑΙ, 2. — Κατά την χθεσινήν συνεδρίασιν ανεκοινώθη ότι η επιτροπή θα υποβάλη το πόρισμά της εντός του μηνός, οπότε θα ληφθούν αι σχετικαί αποφάσεις υπό των αρμοδίων υπηρεσιών και θα γνωστοποιηθούν εις τους ενδιαφερομένους δια της τακτικής οδού.
Κατά τας υπαρχούσας πληροφορίας, η κυβέρνησις προτίθεται να προβή εις την λήψιν νέων μέτρων προς αντιμετώπισιν των προβλημάτων, τα οποία ανέκυψαν κατά το τελευταίον διάστημα, καθ' όσον αι μέχρι τούδε ενέργειαι δεν απέδωσαν τα αναμενόμενα αποτελέσματα. Αι σχετικαί αποφάσεις αναμένεται να ληφθούν κατά την προσεχή συνεδρίασιν.
Ως ανεκοινώθη αρμοδίως, αι σχετικαί διατάξεις θα τεθούν εις εφαρμογήν από της προσεχούς εβδομάδος, μετά την έγκρισιν του υπουργικού συμβουλίου, δεδομένου ότι αι προβλεπόμεναι δαπάναι έχουν ήδη εξασφαλισθή εκ του τακτικού προϋπολογισμού του κράτους.
Κατά τας υπαρχούσας πληροφορίας, η κυβέρνησις προτίθεται να προβή εις την λήψιν νέων μέτρων προς αντιμετώπισιν των προβλημάτων, τα οποία ανέκυψαν κατά το τελευταίον διάστημα, καθ' όσον αι μέχρι τούδε ενέργειαι δεν απέδωσαν τα αναμενόμενα αποτελέσματα. Αι σχετικαί αποφάσεις αναμένεται να ληφθούν κατά την προσεχή συνεδρίασιν.
Ο ΕΚΔΗΜΟΚΡΑΤΙΣΜΌΣ
Ως ανεκοινώθη αρμοδίως, αι σχετικαί διατάξεις θα τεθούν εις εφαρμογήν από της προσεχούς εβδομάδος, μετά την έγκρισιν του υπουργικού συμβουλίου, δεδομένου ότι αι προβλεπόμεναι δαπάναι έχουν ήδη εξασφαλισθή εκ του τακτικού προϋπολογισμού του κράτους.
ΑΓΝΩΣΤΟΣ ΕΊΣΕ ΠΡΟΕΙΔΟΠΟΊΗΣΕΝ ΤΗΣ ΑΣΤΥΝΟΜΊΑΝ ΠΕΡΊ ΤΗΣ ΔΟΛΟΦΟΝΊΑΣ ΤΟΥ ΠΡΟΈΔΡΟΥ ΚΈΝΝΕΝΤΥ ΚΑΤΌΠΙΝ ΠΛΗΡΟΦΟΡΙΏΝ ΤΟΥ ΑΠΌ ΑΚΡΙΤΟΜΎΘΙΑΣ
Κατά τας υπαρχούσας πληροφορίας, η κυβέρνησις προτίθεται να προβή εις την λήψιν νέων μέτρων προς αντιμετώπισιν των προβλημάτων, τα οποία ανέκυψαν κατά το τελευταίον διάστημα, καθ' όσον αι μέχρι τούδε ενέργειαι δεν απέδωσαν τα αναμενόμενα αποτελέσματα. Αι σχετικαί αποφάσεις αναμένεται να ληφθούν κατά την προσεχή συνεδρίασιν.
ΑΘΗΝΑΙ, 2. — Κατά την χθεσινήν συνεδρίασιν ανεκοινώθη ότι η επιτροπή θα υποβάλη το πόρισμά της εντός του μηνός, οπότε θα ληφθούν αι σχετικαί αποφάσεις υπό των αρμοδίων υπηρεσιών και θα γνωστοποιηθούν εις τους ενδιαφερομένους δια της τακτικής οδού.
Ως ανεκοινώθη αρμοδίως, αι σχετικαί διατάξεις θα τεθούν εις εφαρμογήν από της προσεχούς εβδομάδος, μετά την έγκρισιν του υπουργικού συμβουλίου, δεδομένου ότι αι προβλεπόμεναι δαπάναι έχουν ήδη εξασφαλισθή εκ του τακτικού προϋπολογισμού του κράτους.
Κατά τας υπαρχούσας πληροφορίας, η κυβέρνησις προτίθεται να προβή εις την λήψιν νέων μέτρων προς αντιμετώπισιν των προβλημάτων, τα οποία ανέκυψαν κατά το τελευταίον διάστημα, καθ' όσον αι μέχρι τούδε ενέργειαι δεν απέδωσαν τα αναμενόμενα αποτελέσματα. Αι σχετικαί αποφάσεις αναμένεται να ληφθούν κατά την προσεχή συνεδρίασιν.
ΘΑ ΙΔΡΎΟΥΝ ΣΧΟΛΑΊ ΤΑΧΥΡΡΎΘΜΟΥ ΕΚΠΑΙΔΕΎΣΕΩΣ ΕΡΓΑΤΟΤΕΧΝΙΤΏΝ
ΑΘΗΝΑΙ, 2. — Κατά την χθεσινήν συνεδρίασιν ανεκοινώθη ότι η επιτροπή θα υποβάλη το πόρισμά της εντός του μηνός, οπότε θα ληφθούν αι σχετικαί αποφάσεις υπό των αρμοδίων υπηρεσιών και θα γνωστοποιηθούν εις τους ενδιαφερομένους δια της τακτικής οδού.
11 ΚΑΙ 14 ΜΗΝΏΝ ΦΥΛΑΚΊΣΕΙΣ ΕΙΣ ΥΠΑΙΤΊΟΥΣ ΘΑΝΆΤΟΥ ΓΥΝΑΙΚΌΣ
Ως ανεκοινώθη αρμοδίως, αι σχετικαί διατάξεις θα τεθούν εις εφαρμογήν από της προσεχούς εβδομάδος, μετά την έγκρισιν του υπουργικού συμβουλίου, δεδομένου ότι αι προβλεπόμεναι δαπάναι έχουν ήδη εξασφαλισθή εκ του τακτικού προϋπολογισμού του κράτους.
Ο ΑΝΆΔΑΣΜΟΣ ΕΚΑΛΎΨΕ ΣΥΝΟΛΙΚΉΝ ΈΚΤΑΣΙΝ 2.143.670 ΣΤΡΕΜΜΆΤΩΝ
ΑΘΗΝΑΙ, 2. — Κατά την χθεσινήν συνεδρίασιν ανεκοινώθη ότι η επιτροπή θα υποβάλη το πόρισμά της εντός του μηνός, οπότε θα ληφθούν αι σχετικαί αποφάσεις υπό των αρμοδίων υπηρεσιών και θα γνωστοποιηθούν εις τους ενδιαφερομένους δια της τακτικής οδού.
ΕΝ ΝΈΟΝ ΣΎΣΤΗΜΑ «ΗΛΕΚΤΡΟΝΙΚΟΎ ΕΓΚΕΦΆΛΟΥ» ΔΙΑ ΤΗΝ ΚΑΤΑΓΡΑΦΉΝ ΣΤΟΙΧΕΊΩΝ ΤΗΣ ΘΑΛΆΣΣΗΣ
Κατά τας υπαρχούσας πληροφορίας, η κυβέρνησις προτίθεται να προβή εις την λήψιν νέων μέτρων προς αντιμετώπισιν των προβλημάτων, τα οποία ανέκυψαν κατά το τελευταίον διάστημα, καθ' όσον αι μέχρι τούδε ενέργειαι δεν απέδωσαν τα αναμενόμενα αποτελέσματα. Αι σχετικαί αποφάσεις αναμένεται να ληφθούν κατά την προσεχή συνεδρίασιν.
Ως ανεκοινώθη αρμοδίως, αι σχετικαί διατάξεις θα τεθούν εις εφαρμογήν από της προσεχούς εβδομάδος, μετά την έγκρισιν του υπουργικού συμβουλίου, δεδομένου ότι αι προβλεπόμεναι δαπάναι έχουν ήδη εξασφαλισθή εκ του τακτικού προϋπολογισμού του κράτους.
ΑΘΗΝΑΙ, 2. — Κατά την χθεσινήν συνεδρίασιν ανεκοινώθη ότι η επιτροπή θα υποβάλη το πόρισμά της εντός του μηνός, οπότε θα ληφθούν αι σχετικαί αποφάσεις υπό των αρμοδίων υπηρεσιών και θα γνωστοποιηθούν εις τους ενδιαφερομένους δια της τακτικής οδού.
Κατά τας υπαρχούσας πληροφορίας, η κυβέρνησις προτίθεται να προβή εις την λήψιν νέων μέτρων προς αντιμετώπισιν των προβλημάτων, τα οποία ανέκυψαν κατά το τελευταίον διάστημα, καθ' όσον αι μέχρι τούδε ενέργειαι δεν απέδωσαν τα αναμενόμενα αποτελέσματα. Αι σχετικαί αποφάσεις αναμένεται να ληφθούν κατά την προσεχή συνεδρίασιν.
ΕΊΝΑΙ ΑΠΑΓΟΡΕΎΣΕΙΣ ΤΟΥ ΧΡΗΜΑΤΟΚΙΒΩΤΊΟΥ ΤΗΣ «ΚΑΙΝΈΣ» ΟΙ ΣΥΛΛΗΦΘΈΝΤΕΣ ΕΙΣ ΤΗΝ ΕΙΔΟΜΈΝΗΝ ΔΙΑΡΡΗΚΤΆΙ
Κατά τας υπαρχούσας πληροφορίας, η κυβέρνησις προτίθεται να προβή εις την λήψιν νέων μέτρων προς αντιμετώπισιν των προβλημάτων, τα οποία ανέκυψαν κατά το τελευταίον διάστημα, καθ' όσον αι μέχρι τούδε ενέργειαι δεν απέδωσαν τα αναμενόμενα αποτελέσματα. Αι σχετικαί αποφάσεις αναμένεται να ληφθούν κατά την προσεχή συνεδρίασιν.
ΧΡΗΜΑΤΟΚΙΒΏΤΙΑ
Ως ανεκοινώθη αρμοδίως, αι σχετικαί διατάξεις θα τεθούν εις εφαρμογήν από της προσεχούς εβδομάδος, μετά την έγκρισιν του υπουργικού συμβουλίου, δεδομένου ότι αι προβλεπόμεναι δαπάναι έχουν ήδη εξασφαλισθή εκ του τακτικού προϋπολογισμού του κράτους.
ΟΜΟΛΟΓΊΑΙ
ΑΘΗΝΑΙ, 2. — Κατά την χθεσινήν συνεδρίασιν ανεκοινώθη ότι η επιτροπή θα υποβάλη το πόρισμά της εντός του μηνός, οπότε θα ληφθούν αι σχετικαί αποφάσεις υπό των αρμοδίων υπηρεσιών και θα γνωστοποιηθούν εις τους ενδιαφερομένους δια της τακτικής οδού.
Ως ανεκοινώθη αρμοδίως, αι σχετικαί διατάξεις θα τεθούν εις εφαρμογήν από της προσεχούς εβδομάδος, μετά την έγκρισιν του υπουργικού συμβουλίου, δεδομένου ότι αι προβλεπόμεναι δαπάναι έχουν ήδη εξασφαλισθή εκ του τακτικού προϋπολογισμού του κράτους.
ΚΑΙ ΣΤΗΝ ΘΕΣΣΑΛΟΝΊΚΗΝ
ΘΕΣΣΑΛΟΝΙΚΗ, 2. — Εις την χθεσινήν γενικήν συνέλευσιν των μελών του συλλόγου απεφασίσθη η υποβολή υπομνήματος προς τον αρμόδιον υπουργόν, εις το οποίον εκτίθενται αναλυτικώς τα αιτήματα του κλάδου και προτείνονται συγκεκριμέναι λύσεις.
Ο ΠΡΩΘΥΠΟΥΡΓΌΣ ΣΥΝΕΡΓΆΣΘΗ ΜΕ ΤΟΝ ΒΑΣΙΛΈΑ
ΑΘΗΝΑΙ, 2. — Κατά την χθεσινήν συνεδρίασιν ανεκοινώθη ότι η επιτροπή θα υποβάλη το πόρισμά της εντός του μηνός, οπότε θα ληφθούν αι σχετικαί αποφάσεις υπό των αρμοδίων υπηρεσιών και θα γνωστοποιηθούν εις τους ενδιαφερομένους δια της τακτικής οδού.
